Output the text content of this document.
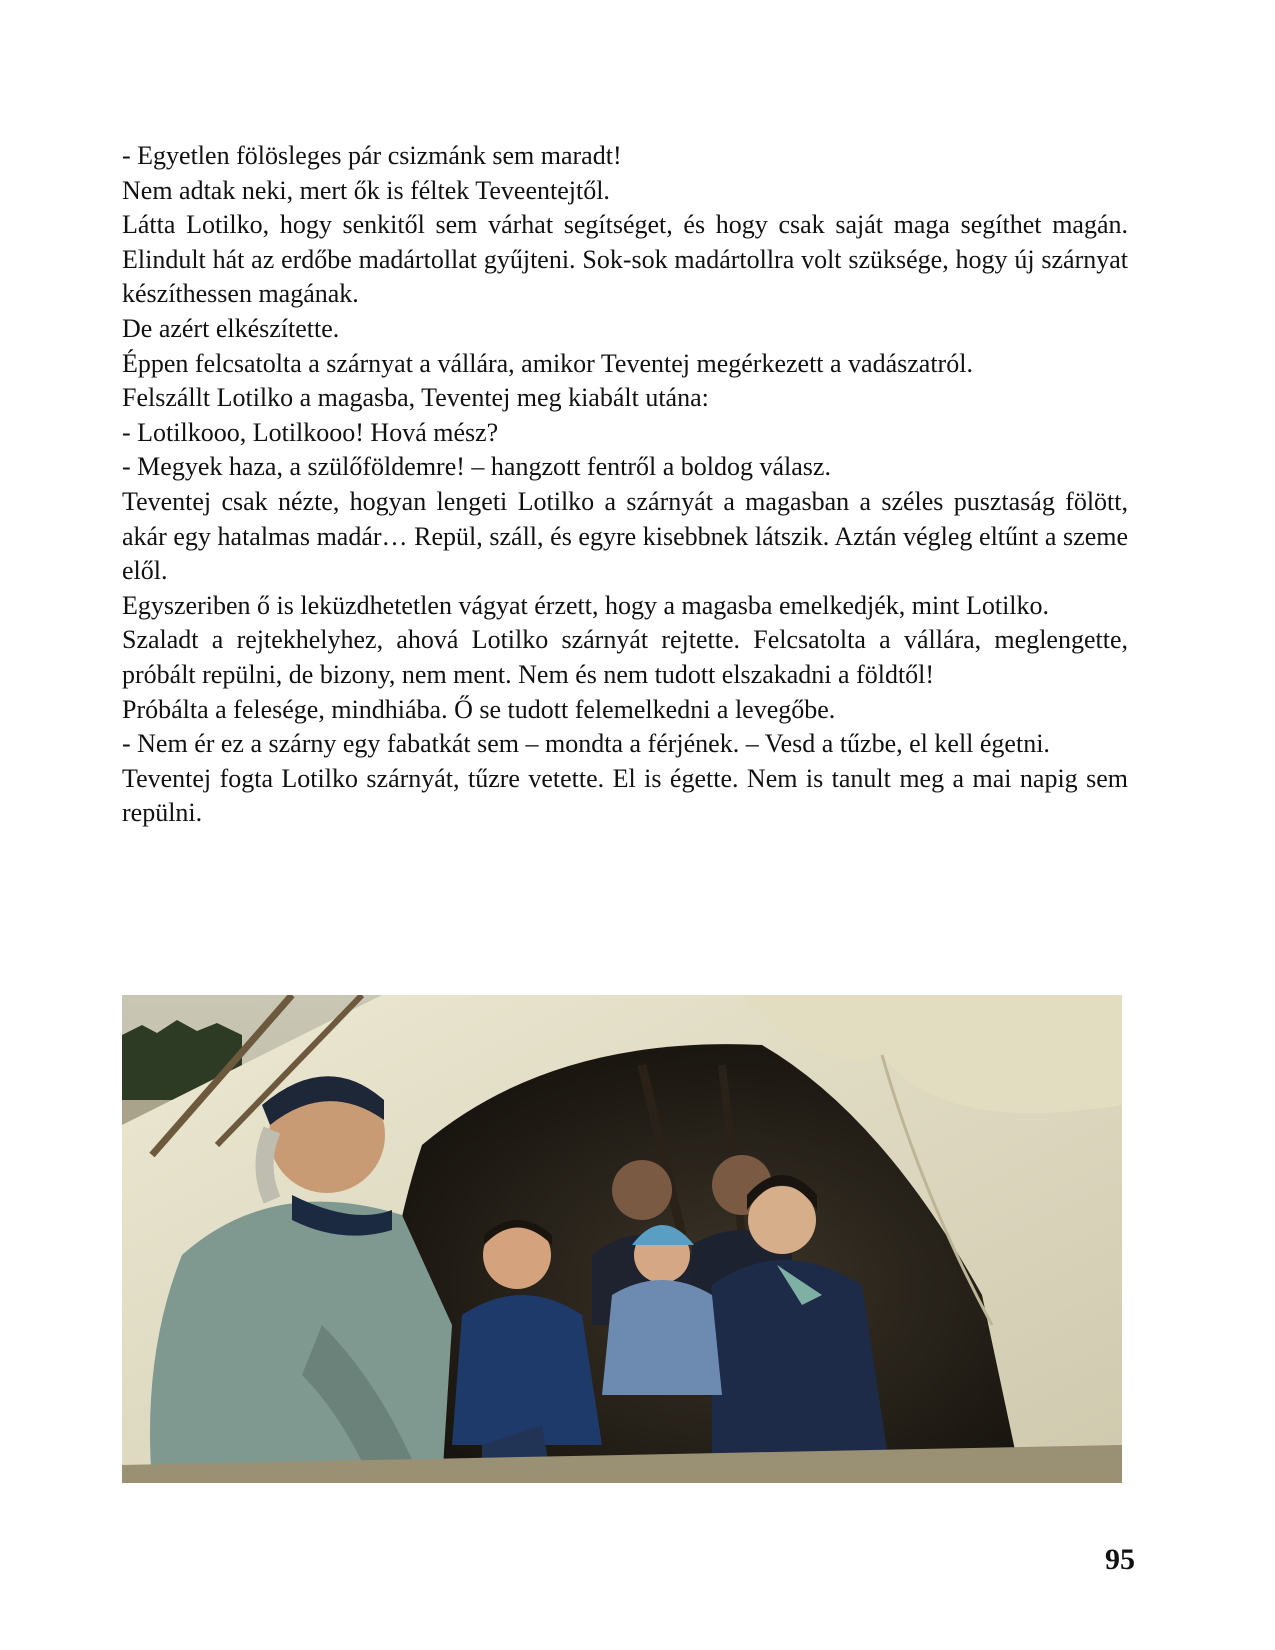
- Egyetlen fölösleges pár csizmánk sem maradt!

Nem adtak neki, mert ők is féltek Teveentejtől.

Látta Lotilko, hogy senkitől sem várhat segítséget, és hogy csak saját maga segíthet magán. Elindult hát az erdőbe madártollat gyűjteni. Sok-sok madártollra volt szüksége, hogy új szárnyat készíthessen magának.

De azért elkészítette.

Éppen felcsatolta a szárnyat a vállára, amikor Teventej megérkezett a vadászatról.

Felszállt Lotilko a magasba, Teventej meg kiabált utána:

- Lotilkooo, Lotilkooo! Hová mész?

- Megyek haza, a szülőföldemre! – hangzott fentről a boldog válasz.

Teventej csak nézte, hogyan lengeti Lotilko a szárnyát a magasban a széles pusztaság fölött, akár egy hatalmas madár… Repül, száll, és egyre kisebbnek látszik. Aztán végleg eltűnt a szeme elől.

Egyszeriben ő is leküzdhetetlen vágyat érzett, hogy a magasba emelkedjék, mint Lotilko.

Szaladt a rejtekhelyhez, ahová Lotilko szárnyát rejtette. Felcsatolta a vállára, meglengette, próbált repülni, de bizony, nem ment. Nem és nem tudott elszakadni a földtől!

Próbálta a felesége, mindhiába. Ő se tudott felemelkedni a levegőbe.

- Nem ér ez a szárny egy fabatkát sem – mondta a férjének. – Vesd a tűzbe, el kell égetni.

Teventej fogta Lotilko szárnyát, tűzre vetette. El is égette. Nem is tanult meg a mai napig sem repülni.

95
